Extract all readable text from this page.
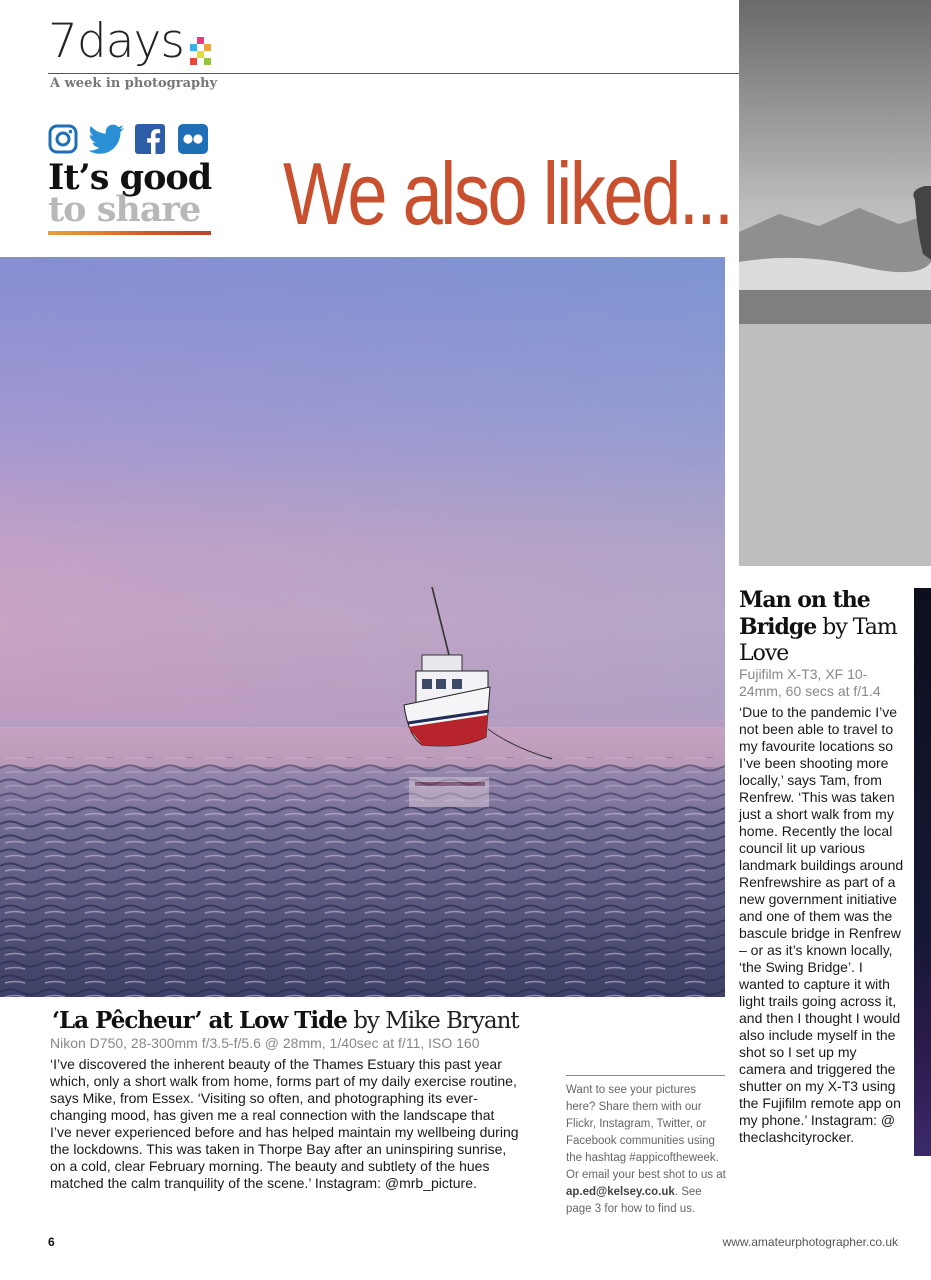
7days
A week in photography
It’s good
to share We also liked...
‘La Pêcheur’ at Low Tide by Mike Bryant
Nikon D750, 28-300mm f/3.5-f/5.6 @ 28mm, 1/40sec at f/11, ISO 160
‘I’ve discovered the inherent beauty of the Thames Estuary this past year which, only a short walk from home, forms part of my daily exercise routine, says Mike, from Essex. ‘Visiting so often, and photographing its ever-changing mood, has given me a real connection with the landscape that I’ve never experienced before and has helped maintain my wellbeing during the lockdowns. This was taken in Thorpe Bay after an uninspiring sunrise, on a cold, clear February morning. The beauty and subtlety of the hues matched the calm tranquility of the scene.’ Instagram: @mrb_picture.
Want to see your pictures here? Share them with our Flickr, Instagram, Twitter, or Facebook communities using the hashtag #appicoftheweek. Or email your best shot to us at ap.ed@kelsey.co.uk. See page 3 for how to find us.
Man on the Bridge by Tam Love
Fujifilm X-T3, XF 10-24mm, 60 secs at f/1.4
‘Due to the pandemic I’ve not been able to travel to my favourite locations so I’ve been shooting more locally,’ says Tam, from Renfrew. ‘This was taken just a short walk from my home. Recently the local council lit up various landmark buildings around Renfrewshire as part of a new government initiative and one of them was the bascule bridge in Renfrew – or as it’s known locally, ‘the Swing Bridge’. I wanted to capture it with light trails going across it, and then I thought I would also include myself in the shot so I set up my camera and triggered the shutter on my X-T3 using the Fujifilm remote app on my phone.’ Instagram: @ theclashcityrocker.
6	www.amateurphotographer.co.uk
